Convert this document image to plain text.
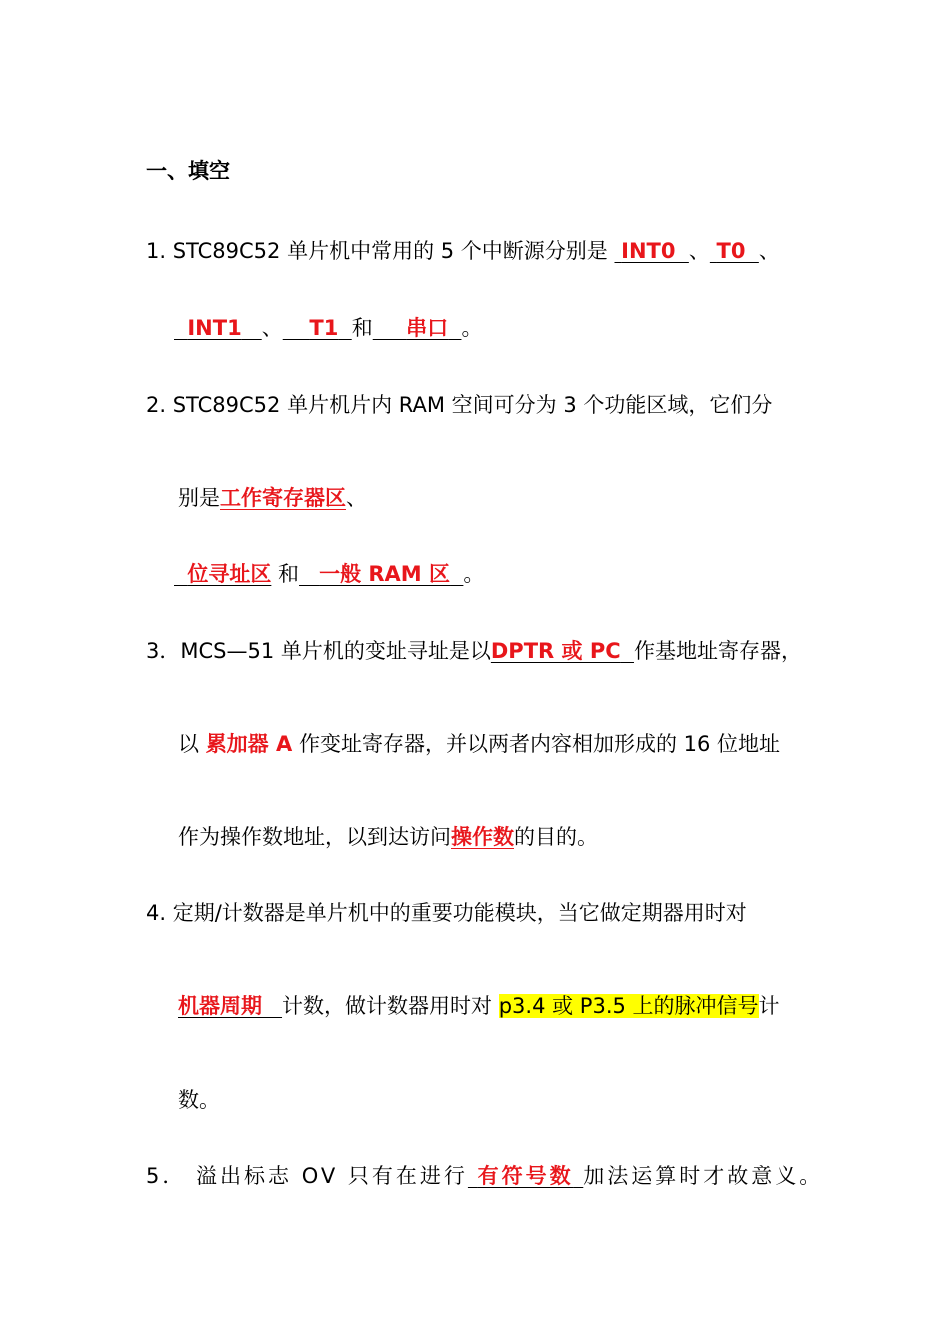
一、填空
1. STC89C52 单片机中常用的 5 个中断源分别是  INT0 、 T0 、
INT1 、 T1 和 串口 。
2. STC89C52 单片机片内 RAM 空间可分为 3 个功能区域，它们分
别是工作寄存器区、
位寻址区 和 一般 RAM 区 。
3．MCS—51 单片机的变址寻址是以DPTR 或 PC 作基地址寄存器，
以 累加器 A 作变址寄存器，并以两者内容相加形成的 16 位地址
作为操作数地址，以到达访问操作数的目的。
4. 定期/计数器是单片机中的重要功能模块，当它做定期器用时对
机器周期 计数，做计数器用时对 p3.4 或 P3.5 上的脉冲信号计
数。
5． 溢出标志 OV 只有在进行 有符号数 加法运算时才故意义。
